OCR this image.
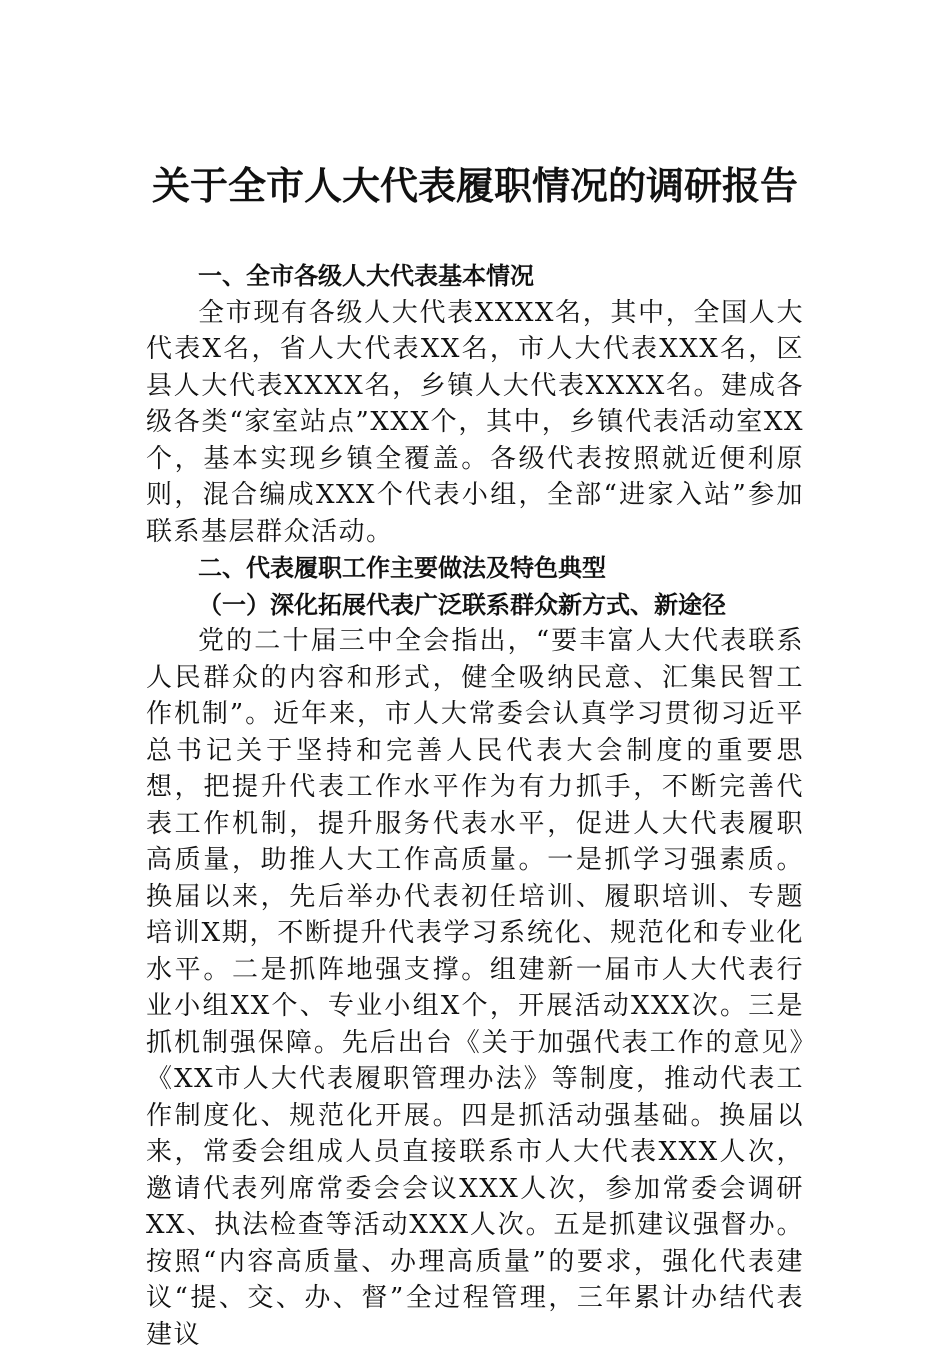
关于全市人大代表履职情况的调研报告

一、全市各级人大代表基本情况

全市现有各级人大代表XXXX名，其中，全国人大代表X名，省人大代表XX名，市人大代表XXX名，区县人大代表XXXX名，乡镇人大代表XXXX名。建成各级各类“家室站点”XXX个，其中，乡镇代表活动室XX个，基本实现乡镇全覆盖。各级代表按照就近便利原则，混合编成XXX个代表小组，全部“进家入站”参加联系基层群众活动。

二、代表履职工作主要做法及特色典型

（一）深化拓展代表广泛联系群众新方式、新途径

党的二十届三中全会指出，“要丰富人大代表联系人民群众的内容和形式，健全吸纳民意、汇集民智工作机制”。近年来，市人大常委会认真学习贯彻习近平总书记关于坚持和完善人民代表大会制度的重要思想，把提升代表工作水平作为有力抓手，不断完善代表工作机制，提升服务代表水平，促进人大代表履职高质量，助推人大工作高质量。一是抓学习强素质。换届以来，先后举办代表初任培训、履职培训、专题培训X期，不断提升代表学习系统化、规范化和专业化水平。二是抓阵地强支撑。组建新一届市人大代表行业小组XX个、专业小组X个，开展活动XXX次。三是抓机制强保障。先后出台《关于加强代表工作的意见》《XX市人大代表履职管理办法》等制度，推动代表工作制度化、规范化开展。四是抓活动强基础。换届以来，常委会组成人员直接联系市人大代表XXX人次，邀请代表列席常委会会议XXX人次，参加常委会调研XX、执法检查等活动XXX人次。五是抓建议强督办。按照“内容高质量、办理高质量”的要求，强化代表建议“提、交、办、督”全过程管理，三年累计办结代表建议
